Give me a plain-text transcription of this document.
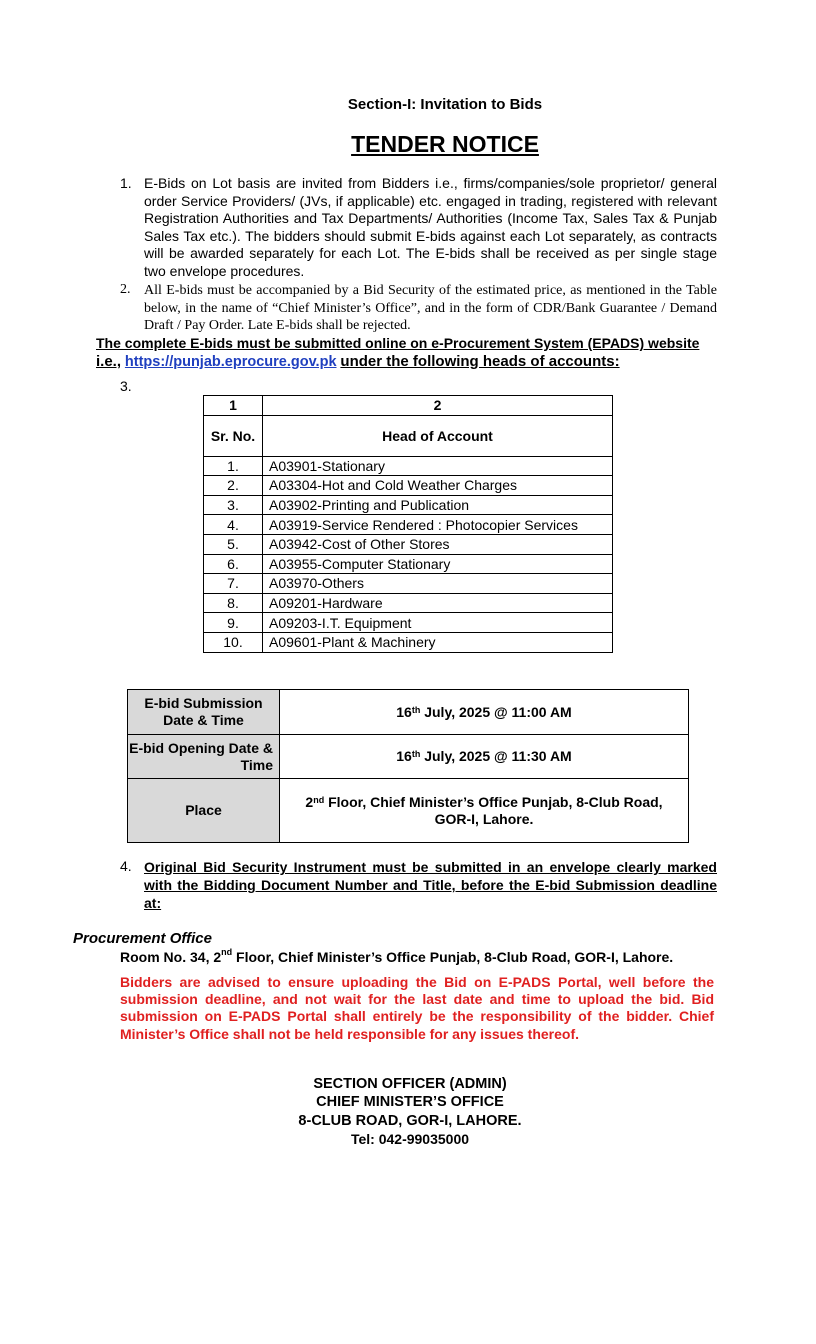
Section-I: Invitation to Bids
TENDER NOTICE
1. E-Bids on Lot basis are invited from Bidders i.e., firms/companies/sole proprietor/ general order Service Providers/ (JVs, if applicable) etc. engaged in trading, registered with relevant Registration Authorities and Tax Departments/ Authorities (Income Tax, Sales Tax & Punjab Sales Tax etc.). The bidders should submit E-bids against each Lot separately, as contracts will be awarded separately for each Lot. The E-bids shall be received as per single stage two envelope procedures.
2. All E-bids must be accompanied by a Bid Security of the estimated price, as mentioned in the Table below, in the name of “Chief Minister’s Office”, and in the form of CDR/Bank Guarantee / Demand Draft / Pay Order. Late E-bids shall be rejected.
The complete E-bids must be submitted online on e-Procurement System (EPADS) website
i.e., https://punjab.eprocure.gov.pk under the following heads of accounts:
3.
1	2
Sr. No.	Head of Account
1.	A03901-Stationary
2.	A03304-Hot and Cold Weather Charges
3.	A03902-Printing and Publication
4.	A03919-Service Rendered : Photocopier Services
5.	A03942-Cost of Other Stores
6.	A03955-Computer Stationary
7.	A03970-Others
8.	A09201-Hardware
9.	A09203-I.T. Equipment
10.	A09601-Plant & Machinery
E-bid Submission Date & Time	16th July, 2025 @ 11:00 AM
E-bid Opening Date & Time	16th July, 2025 @ 11:30 AM
Place	2nd Floor, Chief Minister’s Office Punjab, 8-Club Road, GOR-I, Lahore.
4. Original Bid Security Instrument must be submitted in an envelope clearly marked with the Bidding Document Number and Title, before the E-bid Submission deadline at:
Procurement Office
Room No. 34, 2nd Floor, Chief Minister’s Office Punjab, 8-Club Road, GOR-I, Lahore.
Bidders are advised to ensure uploading the Bid on E-PADS Portal, well before the submission deadline, and not wait for the last date and time to upload the bid. Bid submission on E-PADS Portal shall entirely be the responsibility of the bidder. Chief Minister’s Office shall not be held responsible for any issues thereof.
SECTION OFFICER (ADMIN)
CHIEF MINISTER’S OFFICE
8-CLUB ROAD, GOR-I, LAHORE.
Tel: 042-99035000
